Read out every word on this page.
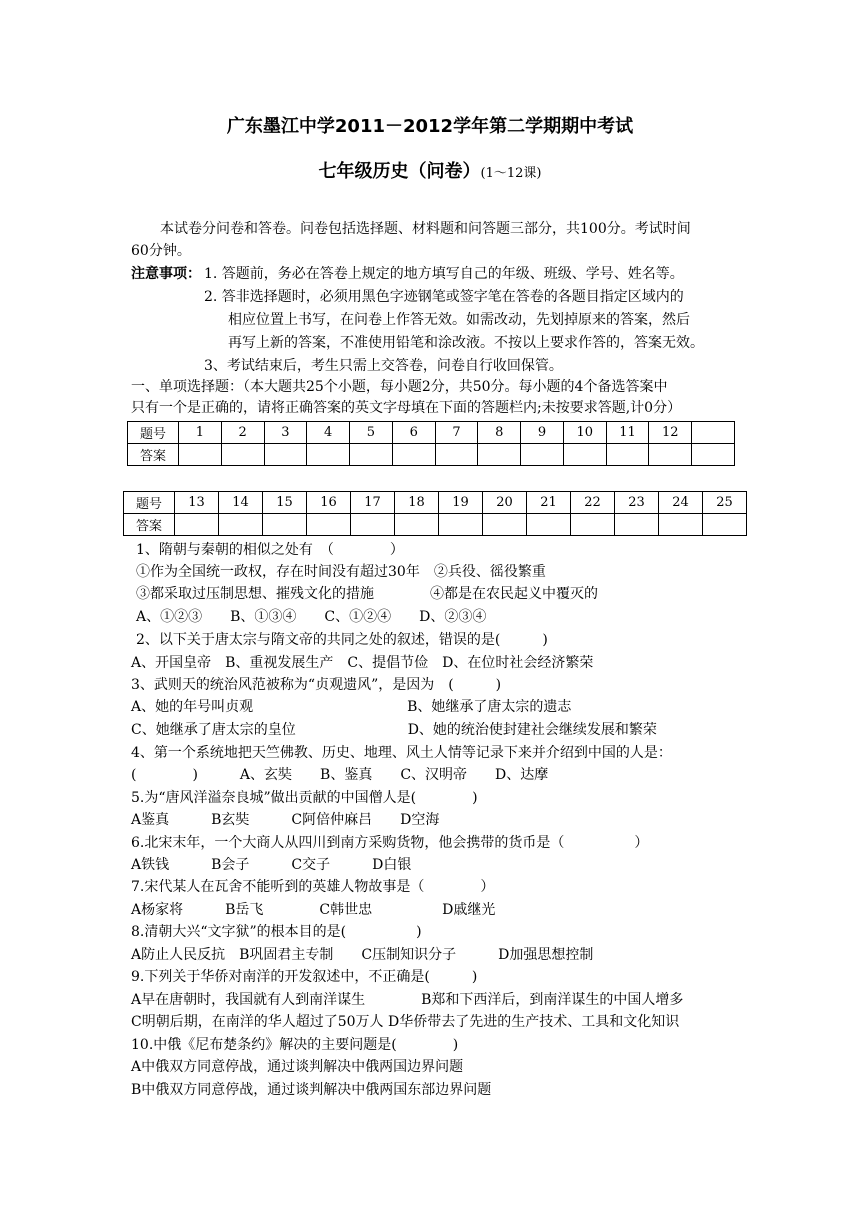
广东墨江中学2011－2012学年第二学期期中考试
七年级历史（问卷）(1～12课)
本试卷分问卷和答卷。问卷包括选择题、材料题和问答题三部分，共100分。考试时间
60分钟。
注意事项： 1. 答题前，务必在答卷上规定的地方填写自己的年级、班级、学号、姓名等。
2. 答非选择题时，必须用黑色字迹钢笔或签字笔在答卷的各题目指定区域内的
相应位置上书写，在问卷上作答无效。如需改动，先划掉原来的答案，然后
再写上新的答案，不准使用铅笔和涂改液。不按以上要求作答的，答案无效。
3、考试结束后，考生只需上交答卷，问卷自行收回保管。
一、单项选择题：（本大题共25个小题，每小题2分，共50分。每小题的4个备选答案中
只有一个是正确的，请将正确答案的英文字母填在下面的答题栏内;未按要求答题,计0分）
题号	1	2	3	4	5	6	7	8	9	10	11	12	
答案													
题号	13	14	15	16	17	18	19	20	21	22	23	24	25
答案													
1、隋朝与秦朝的相似之处有　（　　　　）
①作为全国统一政权，存在时间没有超过30年　②兵役、徭役繁重
③都采取过压制思想、摧残文化的措施　　　　④都是在农民起义中覆灭的
A、①②③　　B、①③④　　C、①②④　　D、②③④
2、以下关于唐太宗与隋文帝的共同之处的叙述，错误的是(　　　)
A、开国皇帝　B、重视发展生产　C、提倡节俭　D、在位时社会经济繁荣
3、武则天的统治风范被称为“贞观遗风”，是因为　(　　　)
A、她的年号叫贞观　　　　　　　　　　　B、她继承了唐太宗的遗志
C、她继承了唐太宗的皇位　　　　　　　　D、她的统治使封建社会继续发展和繁荣
4、第一个系统地把天竺佛教、历史、地理、风土人情等记录下来并介绍到中国的人是：
(　　　　)　　　A、玄奘　　B、鉴真　　C、汉明帝　　D、达摩
5.为“唐风洋溢奈良城”做出贡献的中国僧人是(　　　　)
A鉴真　　　B玄奘　　　C阿倍仲麻吕　　D空海
6.北宋末年，一个大商人从四川到南方采购货物，他会携带的货币是（　　　　　）
A铁钱　　　B会子　　　C交子　　　D白银
7.宋代某人在瓦舍不能听到的英雄人物故事是（　　　　）
A杨家将　　　B岳飞　　　　C韩世忠　　　　　D戚继光
8.清朝大兴“文字狱”的根本目的是(　　　　　)
A防止人民反抗　B巩固君主专制　　C压制知识分子　　　D加强思想控制
9.下列关于华侨对南洋的开发叙述中，不正确是(　　　)
A早在唐朝时，我国就有人到南洋谋生　　　　B郑和下西洋后，到南洋谋生的中国人增多
C明朝后期，在南洋的华人超过了50万人 D华侨带去了先进的生产技术、工具和文化知识
10.中俄《尼布楚条约》解决的主要问题是(　　　　)
A中俄双方同意停战，通过谈判解决中俄两国边界问题
B中俄双方同意停战，通过谈判解决中俄两国东部边界问题
